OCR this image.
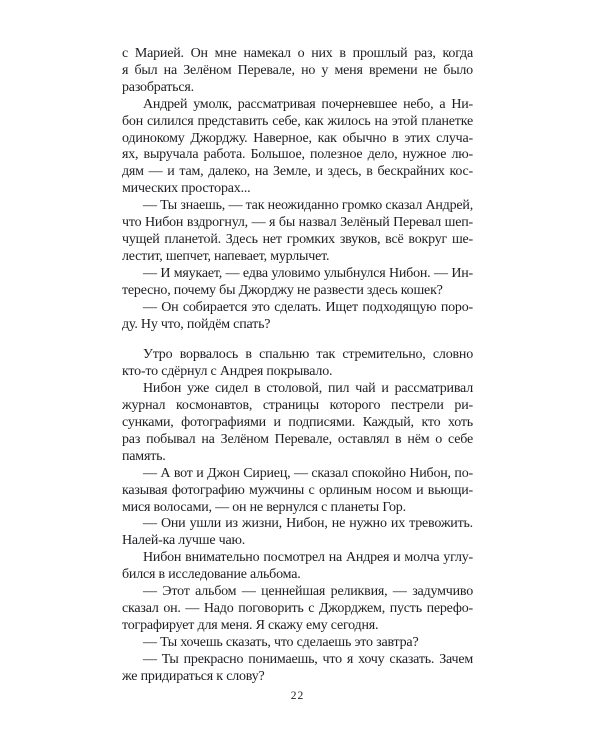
с Марией. Он мне намекал о них в прошлый раз, когда
я был на Зелёном Перевале, но у меня времени не было
разобраться.
Андрей умолк, рассматривая почерневшее небо, а Ни-
бон силился представить себе, как жилось на этой планетке
одинокому Джорджу. Наверное, как обычно в этих случа-
ях, выручала работа. Большое, полезное дело, нужное лю-
дям — и там, далеко, на Земле, и здесь, в бескрайних кос-
мических просторах...
— Ты знаешь, — так неожиданно громко сказал Андрей,
что Нибон вздрогнул, — я бы назвал Зелёный Перевал шеп-
чущей планетой. Здесь нет громких звуков, всё вокруг ше-
лестит, шепчет, напевает, мурлычет.
— И мяукает, — едва уловимо улыбнулся Нибон. — Ин-
тересно, почему бы Джорджу не развести здесь кошек?
— Он собирается это сделать. Ищет подходящую поро-
ду. Ну что, пойдём спать?
Утро ворвалось в спальню так стремительно, словно
кто-то сдёрнул с Андрея покрывало.
Нибон уже сидел в столовой, пил чай и рассматривал
журнал космонавтов, страницы которого пестрели ри-
сунками, фотографиями и подписями. Каждый, кто хоть
раз побывал на Зелёном Перевале, оставлял в нём о себе
память.
— А вот и Джон Сириец, — сказал спокойно Нибон, по-
казывая фотографию мужчины с орлиным носом и вьющи-
мися волосами, — он не вернулся с планеты Гор.
— Они ушли из жизни, Нибон, не нужно их тревожить.
Налей-ка лучше чаю.
Нибон внимательно посмотрел на Андрея и молча углу-
бился в исследование альбома.
— Этот альбом — ценнейшая реликвия, — задумчиво
сказал он. — Надо поговорить с Джорджем, пусть перефо-
тографирует для меня. Я скажу ему сегодня.
— Ты хочешь сказать, что сделаешь это завтра?
— Ты прекрасно понимаешь, что я хочу сказать. Зачем
же придираться к слову?
22
